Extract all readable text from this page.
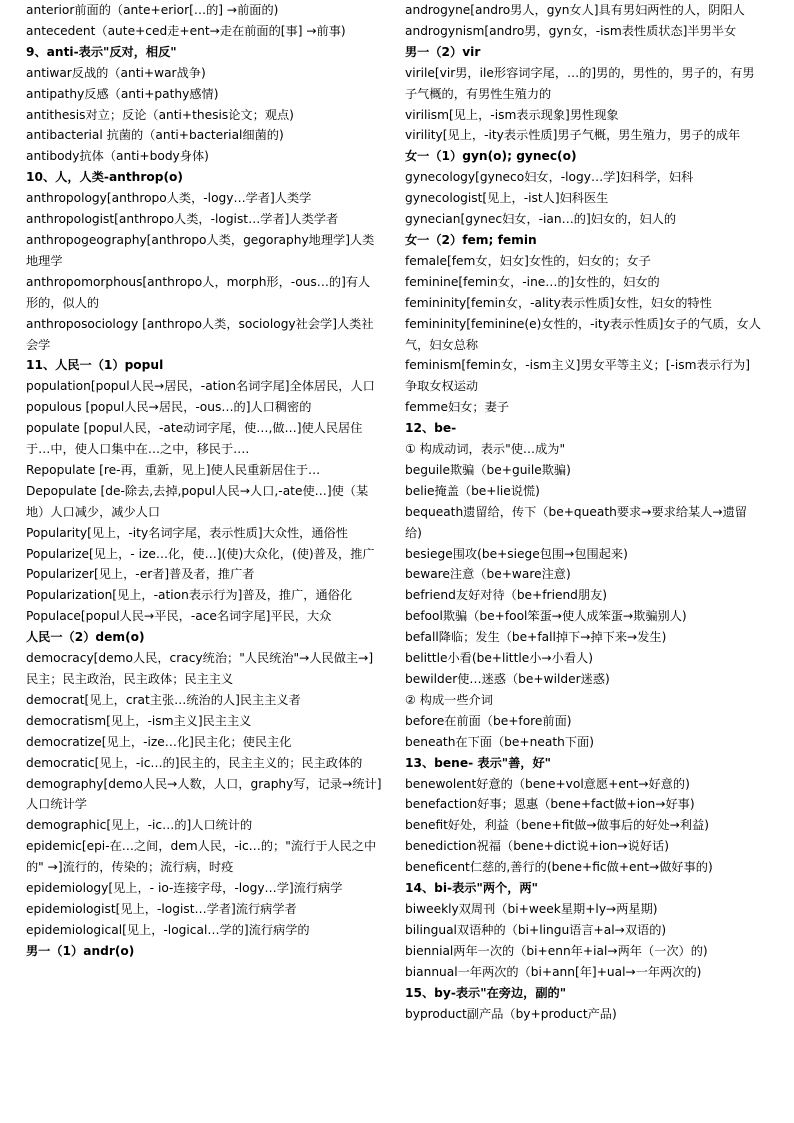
anterior前面的（ante+erior[…的] →前面的)

antecedent（aute+ced走+ent→走在前面的[事] →前事)

9、anti-表示"反对，相反"

antiwar反战的（anti+war战争)

antipathy反感（anti+pathy感情)

antithesis对立；反论（anti+thesis论文；观点)

antibacterial 抗菌的（anti+bacterial细菌的)

antibody抗体（anti+body身体)

10、人，人类-anthrop(o)

anthropology[anthropo人类，-logy…学者]人类学

anthropologist[anthropo人类，-logist…学者]人类学者

anthropogeography[anthropo人类，gegoraphy地理学]人类地理学

anthropomorphous[anthropo人，morph形，-ous…的]有人形的，似人的

anthroposociology [anthropo人类，sociology社会学]人类社会学

11、人民一（1）popul

population[popul人民→居民，-ation名词字尾]全体居民，人口

populous [popul人民→居民，-ous…的]人口稠密的

populate [popul人民，-ate动词字尾，使…,做…]使人民居住于…中，使人口集中在…之中，移民于….

Repopulate [re-再，重新，见上]使人民重新居住于…

Depopulate [de-除去,去掉,popul人民→人口,-ate使…]使（某地）人口减少，减少人口

Popularity[见上，-ity名词字尾，表示性质]大众性，通俗性

Popularize[见上，- ize…化，使…](使)大众化，(使)普及，推广

Popularizer[见上，-er者]普及者，推广者

Popularization[见上，-ation表示行为]普及，推广，通俗化

Populace[popul人民→平民，-ace名词字尾]平民，大众

人民一（2）dem(o)

democracy[demo人民，cracy统治；"人民统治"→人民做主→]民主；民主政治，民主政体；民主主义

democrat[见上，crat主张…统治的人]民主主义者

democratism[见上，-ism主义]民主主义

democratize[见上，-ize…化]民主化；使民主化

democratic[见上，-ic…的]民主的，民主主义的；民主政体的

demography[demo人民→人数，人口，graphy写，记录→统计]人口统计学

demographic[见上，-ic…的]人口统计的

epidemic[epi-在…之间，dem人民，-ic…的；"流行于人民之中的" →]流行的，传染的；流行病，时疫

epidemiology[见上，- io-连接字母，-logy…学]流行病学

epidemiologist[见上，-logist…学者]流行病学者

epidemiological[见上，-logical…学的]流行病学的

男一（1）andr(o)

androgyne[andro男人，gyn女人]具有男妇两性的人，阴阳人

androgynism[andro男，gyn女，-ism表性质状态]半男半女

男一（2）vir

virile[vir男，ile形容词字尾，…的]男的，男性的，男子的，有男子气概的，有男性生殖力的

virilism[见上，-ism表示现象]男性现象

virility[见上，-ity表示性质]男子气概，男生殖力，男子的成年

女一（1）gyn(o); gynec(o)

gynecology[gyneco妇女，-logy…学]妇科学，妇科

gynecologist[见上，-ist人]妇科医生

gynecian[gynec妇女，-ian…的]妇女的，妇人的

女一（2）fem; femin

female[fem女，妇女]女性的，妇女的；女子

feminine[femin女，-ine…的]女性的，妇女的

femininity[femin女，-ality表示性质]女性，妇女的特性

femininity[feminine(e)女性的，-ity表示性质]女子的气质，女人气，妇女总称

feminism[femin女，-ism主义]男女平等主义；[-ism表示行为]争取女权运动

femme妇女；妻子

12、be-

① 构成动词，表示"使…成为"

beguile欺骗（be+guile欺骗)

belie掩盖（be+lie说慌)

bequeath遗留给，传下（be+queath要求→要求给某人→遗留给)

besiege围攻(be+siege包围→包围起来)

beware注意（be+ware注意)

befriend友好对待（be+friend朋友)

befool欺骗（be+fool笨蛋→使人成笨蛋→欺骗别人)

befall降临；发生（be+fall掉下→掉下来→发生)

belittle小看(be+little小→小看人)

bewilder使…迷惑（be+wilder迷惑)

② 构成一些介词

before在前面（be+fore前面)

beneath在下面（be+neath下面)

13、bene- 表示"善，好"

benewolent好意的（bene+vol意愿+ent→好意的)

benefaction好事；恩惠（bene+fact做+ion→好事)

benefit好处，利益（bene+fit做→做事后的好处→利益)

benediction祝福（bene+dict说+ion→说好话)

beneficent仁慈的,善行的(bene+fic做+ent→做好事的)

14、bi-表示"两个，两"

biweekly双周刊（bi+week星期+ly→两星期)

bilingual双语种的（bi+lingu语言+al→双语的)

biennial两年一次的（bi+enn年+ial→两年（一次）的)

biannual一年两次的（bi+ann[年]+ual→一年两次的)

15、by-表示"在旁边，副的"

byproduct副产品（by+product产品)
